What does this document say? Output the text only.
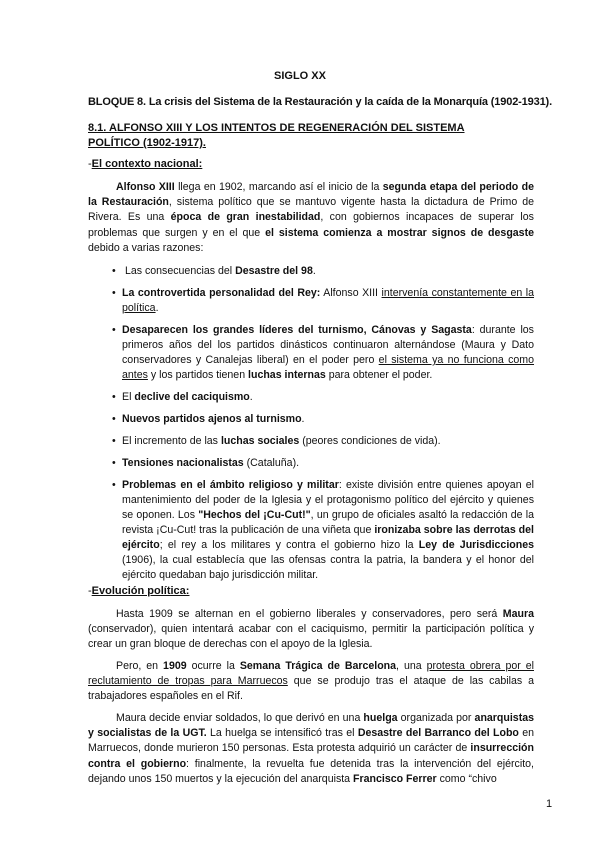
SIGLO XX
BLOQUE 8. La crisis del Sistema de la Restauración y la caída de la Monarquía (1902-1931).
8.1. ALFONSO XIII Y LOS INTENTOS DE REGENERACIÓN DEL SISTEMA POLÍTICO (1902-1917).
-El contexto nacional:
Alfonso XIII llega en 1902, marcando así el inicio de la segunda etapa del periodo de la Restauración, sistema político que se mantuvo vigente hasta la dictadura de Primo de Rivera. Es una época de gran inestabilidad, con gobiernos incapaces de superar los problemas que surgen y en el que el sistema comienza a mostrar signos de desgaste debido a varias razones:
• Las consecuencias del Desastre del 98.
• La controvertida personalidad del Rey: Alfonso XIII intervenía constantemente en la política.
• Desaparecen los grandes líderes del turnismo, Cánovas y Sagasta: durante los primeros años del los partidos dinásticos continuaron alternándose (Maura y Dato conservadores y Canalejas liberal) en el poder pero el sistema ya no funciona como antes y los partidos tienen luchas internas para obtener el poder.
• El declive del caciquismo.
• Nuevos partidos ajenos al turnismo.
• El incremento de las luchas sociales (peores condiciones de vida).
• Tensiones nacionalistas (Cataluña).
• Problemas en el ámbito religioso y militar: existe división entre quienes apoyan el mantenimiento del poder de la Iglesia y el protagonismo político del ejército y quienes se oponen. Los "Hechos del ¡Cu-Cut!", un grupo de oficiales asaltó la redacción de la revista ¡Cu-Cut! tras la publicación de una viñeta que ironizaba sobre las derrotas del ejército; el rey a los militares y contra el gobierno hizo la Ley de Jurisdicciones (1906), la cual establecía que las ofensas contra la patria, la bandera y el honor del ejército quedaban bajo jurisdicción militar.
-Evolución política:
Hasta 1909 se alternan en el gobierno liberales y conservadores, pero será Maura (conservador), quien intentará acabar con el caciquismo, permitir la participación política y crear un gran bloque de derechas con el apoyo de la Iglesia.
Pero, en 1909 ocurre la Semana Trágica de Barcelona, una protesta obrera por el reclutamiento de tropas para Marruecos que se produjo tras el ataque de las cabilas a trabajadores españoles en el Rif.
Maura decide enviar soldados, lo que derivó en una huelga organizada por anarquistas y socialistas de la UGT. La huelga se intensificó tras el Desastre del Barranco del Lobo en Marruecos, donde murieron 150 personas. Esta protesta adquirió un carácter de insurrección contra el gobierno: finalmente, la revuelta fue detenida tras la intervención del ejército, dejando unos 150 muertos y la ejecución del anarquista Francisco Ferrer como “chivo
1
